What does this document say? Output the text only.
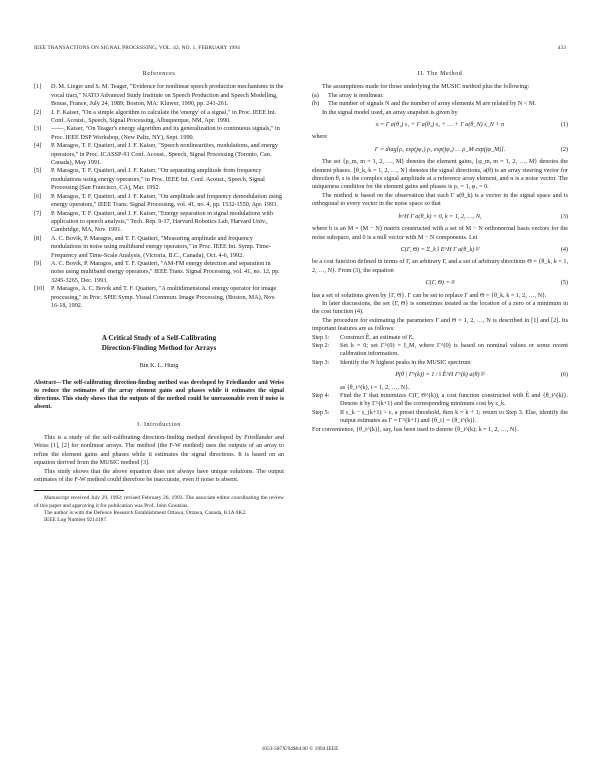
IEEE TRANSACTIONS ON SIGNAL PROCESSING, VOL. 42, NO. 1, FEBRUARY 1994	433
References

[1] D. M. Lieger and S. M. Teager, "Evidence for nonlinear speech production mechanisms in the vocal tract," NATO Advanced Study Institute on Speech Production and Speech Modelling, Bonas, France, July 24, 1989; Boston, MA: Kluwer, 1990, pp. 241-261.

[2] J. F. Kaiser, "On a simple algorithm to calculate the 'energy' of a signal," in Proc. IEEE Int. Conf. Acoust., Speech, Signal Processing, Albuquerque, NM, Apr. 1990.

[3] ——, Kaiser, "On Teager's energy algorithm and its generalization to continuous signals," in Proc. IEEE DSP Workshop, (New Paltz, NY), Sept. 1990.

[4] P. Maragos, T. F. Quatieri, and J. F. Kaiser, "Speech nonlinearities, modulations, and energy operators," in Proc. ICASSP-91 Conf. Acoust., Speech, Signal Processing (Toronto, Can. Canada), May 1991.

[5] P. Maragos, T. F. Quatieri, and J. F. Kaiser, "On separating amplitude from frequency modulations using energy operators," in Proc. IEEE Int. Conf. Acoust., Speech, Signal Processing (San Francisco, CA), Mar. 1992.

[6] P. Maragos, T. F. Quatieri, and J. F. Kaiser, "On amplitude and frequency demodulation using energy operators," IEEE Trans. Signal Processing, vol. 41, no. 4, pp. 1532-1550, Apr. 1993.

[7] P. Maragos, T. F. Quatieri, and J. F. Kaiser, "Energy separation in signal modulations with application to speech analysis," Tech. Rep. 9-17, Harvard Robotics Lab, Harvard Univ., Cambridge, MA, Nov. 1991.

[8] A. C. Bovik, P. Maragos, and T. F. Quatieri, "Measuring amplitude and frequency modulations in noise using multiband energy operators," in Proc. IEEE Int. Symp. Time-Frequency and Time-Scale Analysis, (Victoria, B.C., Canada), Oct. 4-6, 1992.

[9] A. C. Bovik, P. Maragos, and T. F. Quatieri, "AM-FM energy detection and separation in noise using multiband energy operators," IEEE Trans. Signal Processing, vol. 41, no. 12, pp. 3245-3265, Dec. 1993.

[10] P. Maragos, A. C. Bovik and T. F. Quatieri, "A multidimensional energy operator for image processing," in Proc. SPIE Symp. Visual Commun. Image Processing, (Boston, MA), Nov. 16-18, 1992.

A Critical Study of a Self-Calibrating
Direction-Finding Method for Arrays
Bin K. L. Hung
Abstract—The self-calibrating direction-finding method was developed by Friedlander and Weiss to reduce the estimates of the array element gains and phases while it estimates the signal directions. This study shows that the outputs of the method could be unreasonable even if noise is absent.
I. Introduction

This is a study of the self-calibrating direction-finding method developed by Friedlander and Weiss [1], [2] for nonlinear arrays. The method (the F-W method) uses the outputs of an array to refine the element gains and phases while it estimates the signal directions. It is based on an equation derived from the MUSIC method [3].

This study shows that the above equation does not always have unique solutions. The output estimates of the F-W method could therefore be inaccurate, even if noise is absent.

Manuscript received July 29, 1992; revised February 26, 1993. The associate editor coordinating the review of this paper and approving it for publication was Prof. John Goutsias.

The author is with the Defence Research Establishment Ottawa, Ottawa, Canada, K1A 0K2.

IEEE Log Number 9214187.

II. The Method

The assumptions made for those underlying the MUSIC method plus the following:

(a) The array is nonlinear.
(b) The number of signals N and the number of array elements M are related by N < M.

In the signal model used, an array snapshot is given by

x = Γ a(θ₁) s₁ + Γ a(θ₂) s₂ + … + Γ a(θ_N) s_N + n	(1)

where

Γ = diag[ρ₁ exp(jφ₁) ρ₂ exp(jφ₂) … ρ_M exp(jφ_M)].	(2)

The set {ρ_m, m = 1, 2, …, M} denotes the element gains, {φ_m, m = 1, 2, …, M} denotes the element phases. {θ_k, k = 1, 2, …, N} denotes the signal directions, a(θ) is an array steering vector for direction θ, s is the complex signal amplitude at a reference array element, and n is a noise vector. The uniqueness condition for the element gains and phases is ρ₁ = 1, φ₁ = 0.

The method is based on the observation that each Γ a(θ_k) is a vector in the signal space and is orthogonal to every vector in the noise space so that

b^H Γ a(θ_k) = 0, k = 1, 2, …, N,	(3)

where b is an M × (M − N) matrix constructed with a set of M − N orthonormal basis vectors for the noise subspace, and 0 is a null vector with M − N components. Let

C(Γ, Θ) = Σ_k ‖ E^H Γ a(θ_k) ‖²	(4)

be a cost function defined in terms of Γ, an arbitrary Γ, and a set of arbitrary directions Θ = {θ_k, k = 1, 2, …, N}. From (3), the equation

C(Γ, Θ) = 0	(5)

has a set of solutions given by {Γ, Θ}. Γ can be set to replace Γ and Θ = {θ_k, k = 1, 2, …, N}.

In later discussions, the set {Γ, Θ} is sometimes treated as the location of a zero or a minimum in the cost function (4).

The procedure for estimating the parameters Γ and Θ = 1, 2, …, N is described in [1] and [2]. Its important features are as follows:

Step 1: Construct Ê, an estimate of E.
Step 2: Set k = 0; set Γ^(0) = I_M, where Γ^(0) is based on nominal values or some recent calibration information.
Step 3: Identify the N highest peaks in the MUSIC spectrum
P(θ | Γ^(k)) = 1 / ‖ Ê^H Γ^(k) a(θ) ‖²	(6)
as {θ_i^(k), i = 1, 2, …, N}.
Step 4: Find the Γ that minimizes C(Γ, Θ^(k)), a cost function constructed with Ê and {θ_i^(k)}. Denote it by Γ^(k+1) and the corresponding minimum cost by ε_k.
Step 5: If ε_k − ε_(k+1) > ε, a preset threshold, then k = k + 1; return to Step 3. Else, identify the output estimates as Γ = Γ^(k+1) and {θ_i} = {θ_i^(k)}.

For convenience, {θ_i^(k)}, say, has been used to denote {θ_i^(k); k = 1, 2, …, N}.

1053-587X/94$04.00 © 1994 IEEE
